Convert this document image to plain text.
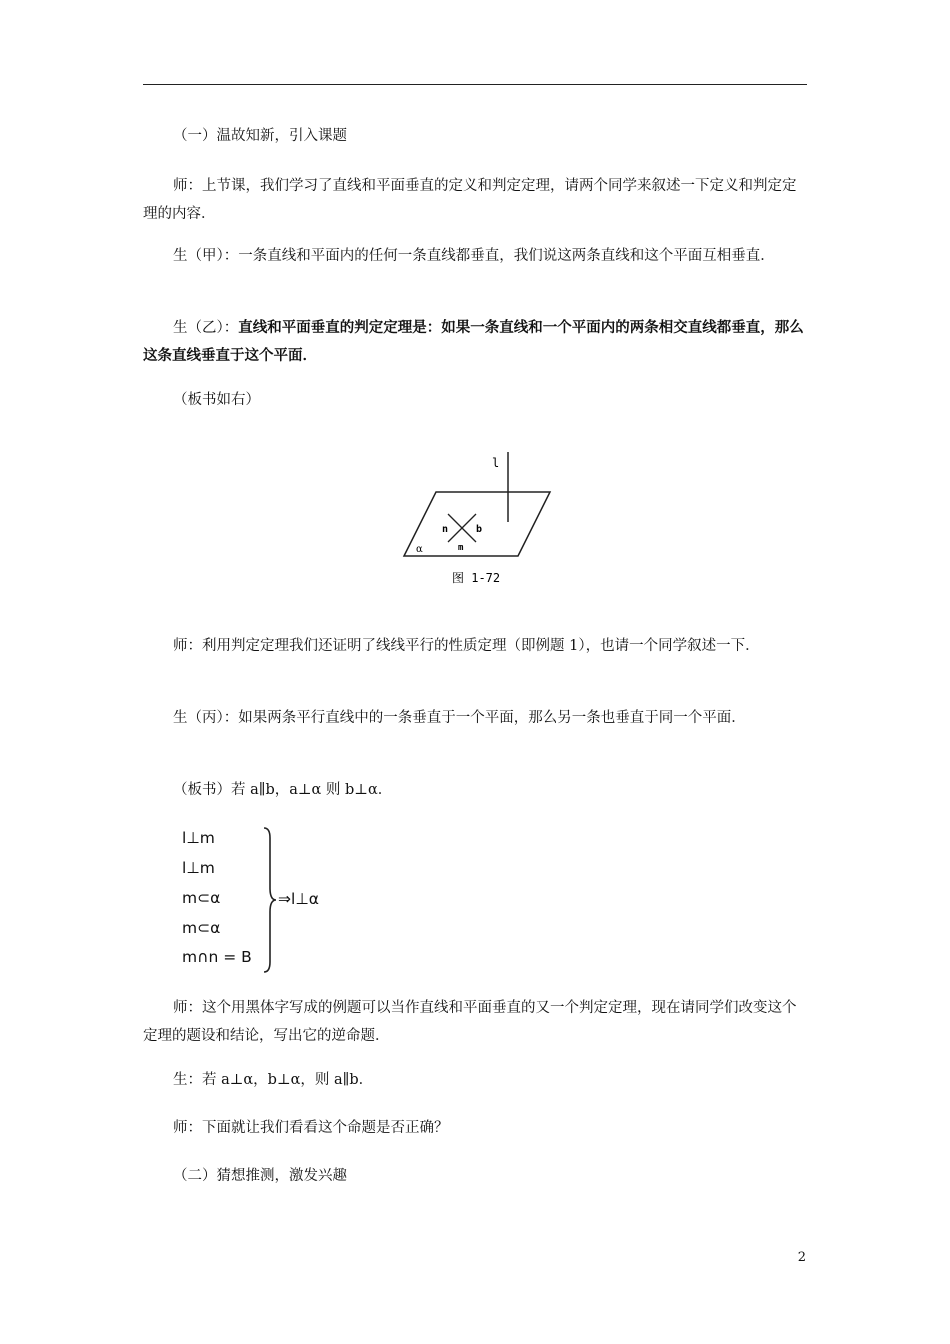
（一）温故知新，引入课题

师：上节课，我们学习了直线和平面垂直的定义和判定定理，请两个同学来叙述一下定义和判定定理的内容．

生（甲）：一条直线和平面内的任何一条直线都垂直，我们说这两条直线和这个平面互相垂直．

生（乙）：直线和平面垂直的判定定理是：如果一条直线和一个平面内的两条相交直线都垂直，那么这条直线垂直于这个平面．

（板书如右）

l
n	b
m
α
图 1-72

师：利用判定定理我们还证明了线线平行的性质定理（即例题 1），也请一个同学叙述一下．

生（丙）：如果两条平行直线中的一条垂直于一个平面，那么另一条也垂直于同一个平面．

（板书）若 a∥b，a⊥α 则 b⊥α．

l⊥m
l⊥m
m⊂α
m⊂α
m∩n = B
⇒l⊥α

师：这个用黑体字写成的例题可以当作直线和平面垂直的又一个判定定理，现在请同学们改变这个定理的题设和结论，写出它的逆命题．

生：若 a⊥α，b⊥α，则 a∥b．

师：下面就让我们看看这个命题是否正确？

（二）猜想推测，激发兴趣

2
